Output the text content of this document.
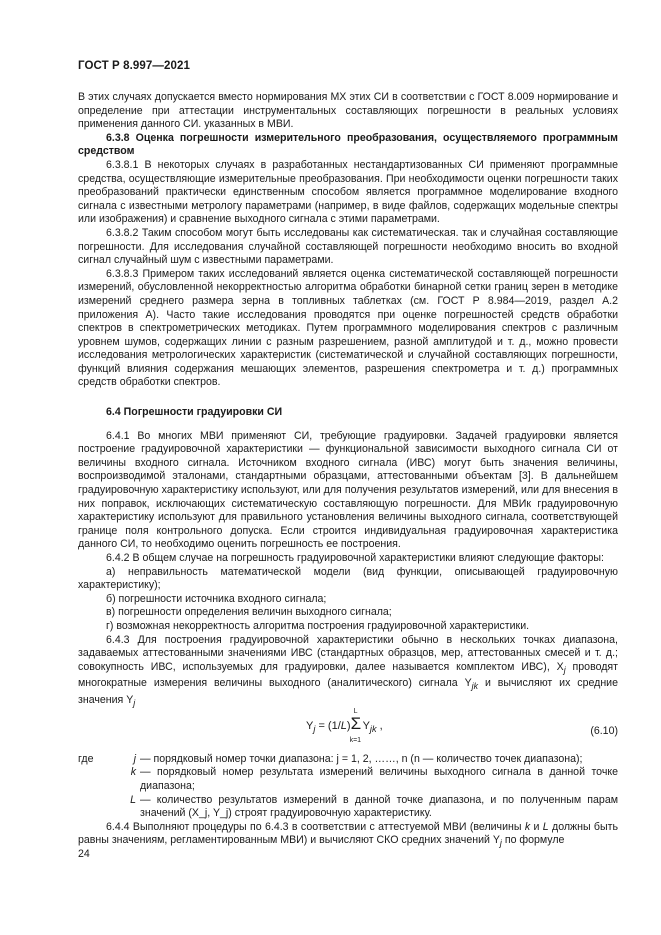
ГОСТ Р 8.997—2021

В этих случаях допускается вместо нормирования МХ этих СИ в соответствии с ГОСТ 8.009 нормирование и определение при аттестации инструментальных составляющих погрешности в реальных условиях применения данного СИ. указанных в МВИ.

6.3.8 Оценка погрешности измерительного преобразования, осуществляемого программным средством

6.3.8.1 В некоторых случаях в разработанных нестандартизованных СИ применяют программные средства, осуществляющие измерительные преобразования. При необходимости оценки погрешности таких преобразований практически единственным способом является программное моделирование входного сигнала с известными метрологу параметрами (например, в виде файлов, содержащих модельные спектры или изображения) и сравнение выходного сигнала с этими параметрами.

6.3.8.2 Таким способом могут быть исследованы как систематическая. так и случайная составляющие погрешности. Для исследования случайной составляющей погрешности необходимо вносить во входной сигнал случайный шум с известными параметрами.

6.3.8.3 Примером таких исследований является оценка систематической составляющей погрешности измерений, обусловленной некорректностью алгоритма обработки бинарной сетки границ зерен в методике измерений среднего размера зерна в топливных таблетках (см. ГОСТ Р 8.984—2019, раздел А.2 приложения А). Часто такие исследования проводятся при оценке погрешностей средств обработки спектров в спектрометрических методиках. Путем программного моделирования спектров с различным уровнем шумов, содержащих линии с разным разрешением, разной амплитудой и т. д., можно провести исследования метрологических характеристик (систематической и случайной составляющих погрешности, функций влияния содержания мешающих элементов, разрешения спектрометра и т. д.) программных средств обработки спектров.

6.4 Погрешности градуировки СИ

6.4.1 Во многих МВИ применяют СИ, требующие градуировки. Задачей градуировки является построение градуировочной характеристики — функциональной зависимости выходного сигнала СИ от величины входного сигнала. Источником входного сигнала (ИВС) могут быть значения величины, воспроизводимой эталонами, стандартными образцами, аттестованными объектам [3]. В дальнейшем градуировочную характеристику используют, или для получения результатов измерений, или для внесения в них поправок, исключающих систематическую составляющую погрешности. Для МВИк градуировочную характеристику используют для правильного установления величины выходного сигнала, соответствующей границе поля контрольного допуска. Если строится индивидуальная градуировочная характеристика данного СИ, то необходимо оценить погрешность ее построения.

6.4.2 В общем случае на погрешность градуировочной характеристики влияют следующие факторы:

а) неправильность математической модели (вид функции, описывающей градуировочную характеристику);

б) погрешности источника входного сигнала;

в) погрешности определения величин выходного сигнала;

г) возможная некорректность алгоритма построения градуировочной характеристики.

6.4.3 Для построения градуировочной характеристики обычно в нескольких точках диапазона, задаваемых аттестованными значениями ИВС (стандартных образцов, мер, аттестованных смесей и т. д.; совокупность ИВС, используемых для градуировки, далее называется комплектом ИВС), $X_j$ проводят многократные измерения величины выходного (аналитического) сигнала $Y_{jk}$ и вычисляют их средние значения $Y_j$

$Y_j = (1/L)\Sigma$
L
k=1
$Y_{jk}$ ,	(6.10)
где	j — порядковый номер точки диапазона: j = 1, 2, ……, n (n — количество точек диапазона);
k — порядковый номер результата измерений величины выходного сигнала в данной точке диапазона;
L — количество результатов измерений в данной точке диапазона, и по полученным парам значений (X_j, Y_j) строят градуировочную характеристику.

6.4.4 Выполняют процедуры по 6.4.3 в соответствии с аттестуемой МВИ (величины k и L должны быть равны значениям, регламентированным МВИ) и вычисляют СКО средних значений $Y_j$ по формуле

24
